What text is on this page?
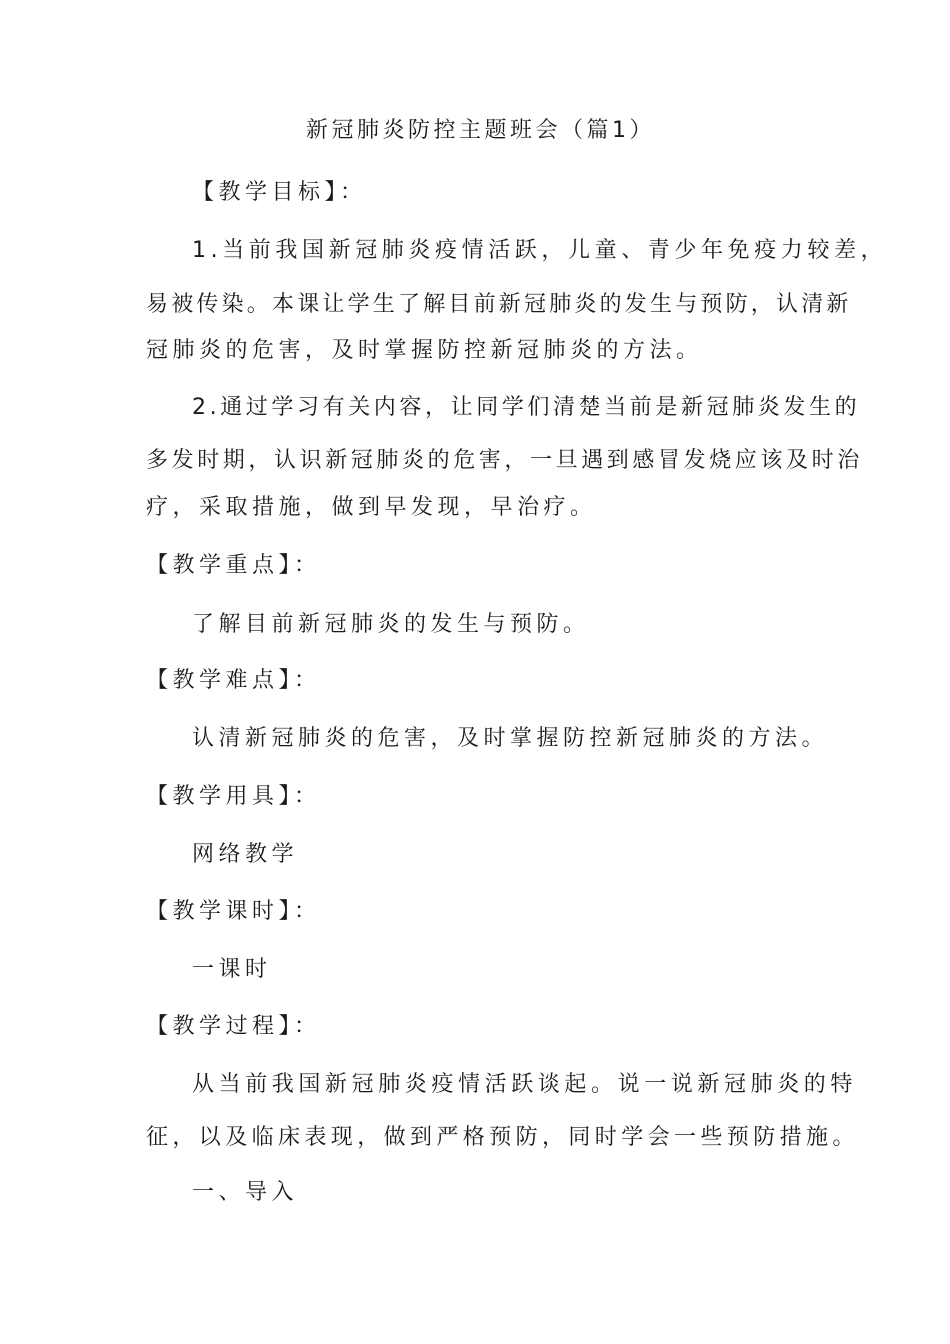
新冠肺炎防控主题班会（篇1）
【教学目标】：
1.当前我国新冠肺炎疫情活跃，儿童、青少年免疫力较差，
易被传染。本课让学生了解目前新冠肺炎的发生与预防，认清新
冠肺炎的危害，及时掌握防控新冠肺炎的方法。
2.通过学习有关内容，让同学们清楚当前是新冠肺炎发生的
多发时期，认识新冠肺炎的危害，一旦遇到感冒发烧应该及时治
疗，采取措施，做到早发现，早治疗。
【教学重点】：
了解目前新冠肺炎的发生与预防。
【教学难点】：
认清新冠肺炎的危害，及时掌握防控新冠肺炎的方法。
【教学用具】：
网络教学
【教学课时】：
一课时
【教学过程】：
从当前我国新冠肺炎疫情活跃谈起。说一说新冠肺炎的特
征，以及临床表现，做到严格预防，同时学会一些预防措施。
一、导入
